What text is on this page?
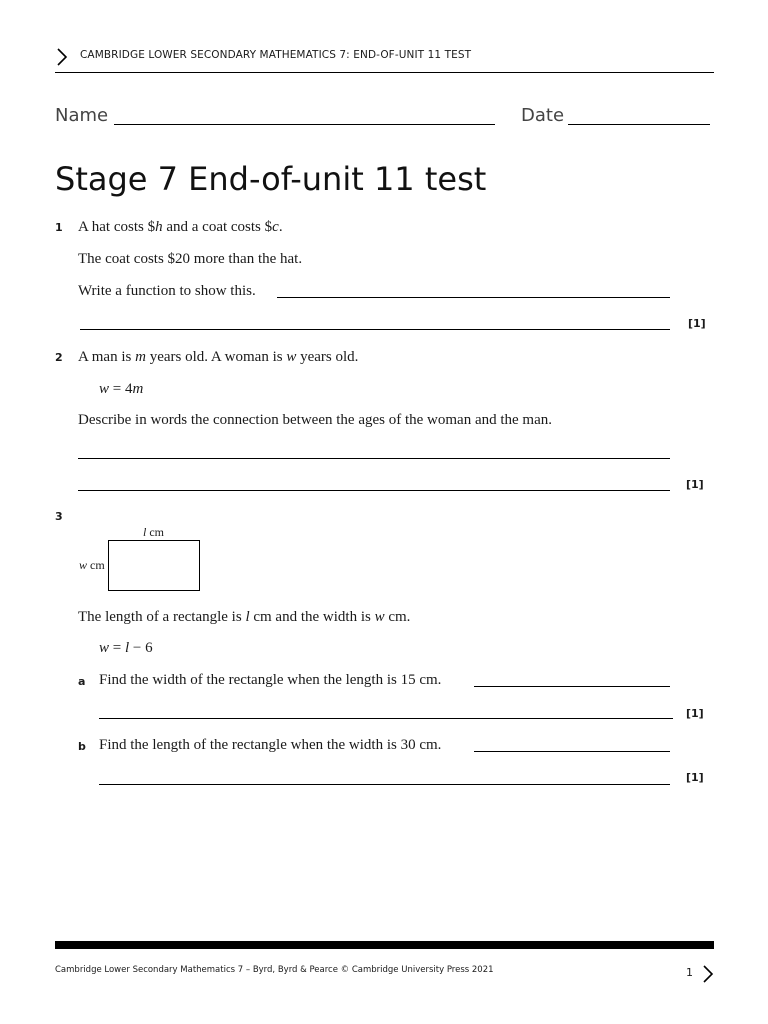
CAMBRIDGE LOWER SECONDARY MATHEMATICS 7: END-OF-UNIT 11 TEST
Name	Date
Stage 7 End-of-unit 11 test
1 A hat costs $h and a coat costs $c.
The coat costs $20 more than the hat.
Write a function to show this.
[1]
2 A man is m years old. A woman is w years old.
w = 4m
Describe in words the connection between the ages of the woman and the man.
[1]
3
l cm
w cm
The length of a rectangle is l cm and the width is w cm.
w = l − 6
a Find the width of the rectangle when the length is 15 cm.
[1]
b Find the length of the rectangle when the width is 30 cm.
[1]
Cambridge Lower Secondary Mathematics 7 – Byrd, Byrd & Pearce © Cambridge University Press 2021	1
